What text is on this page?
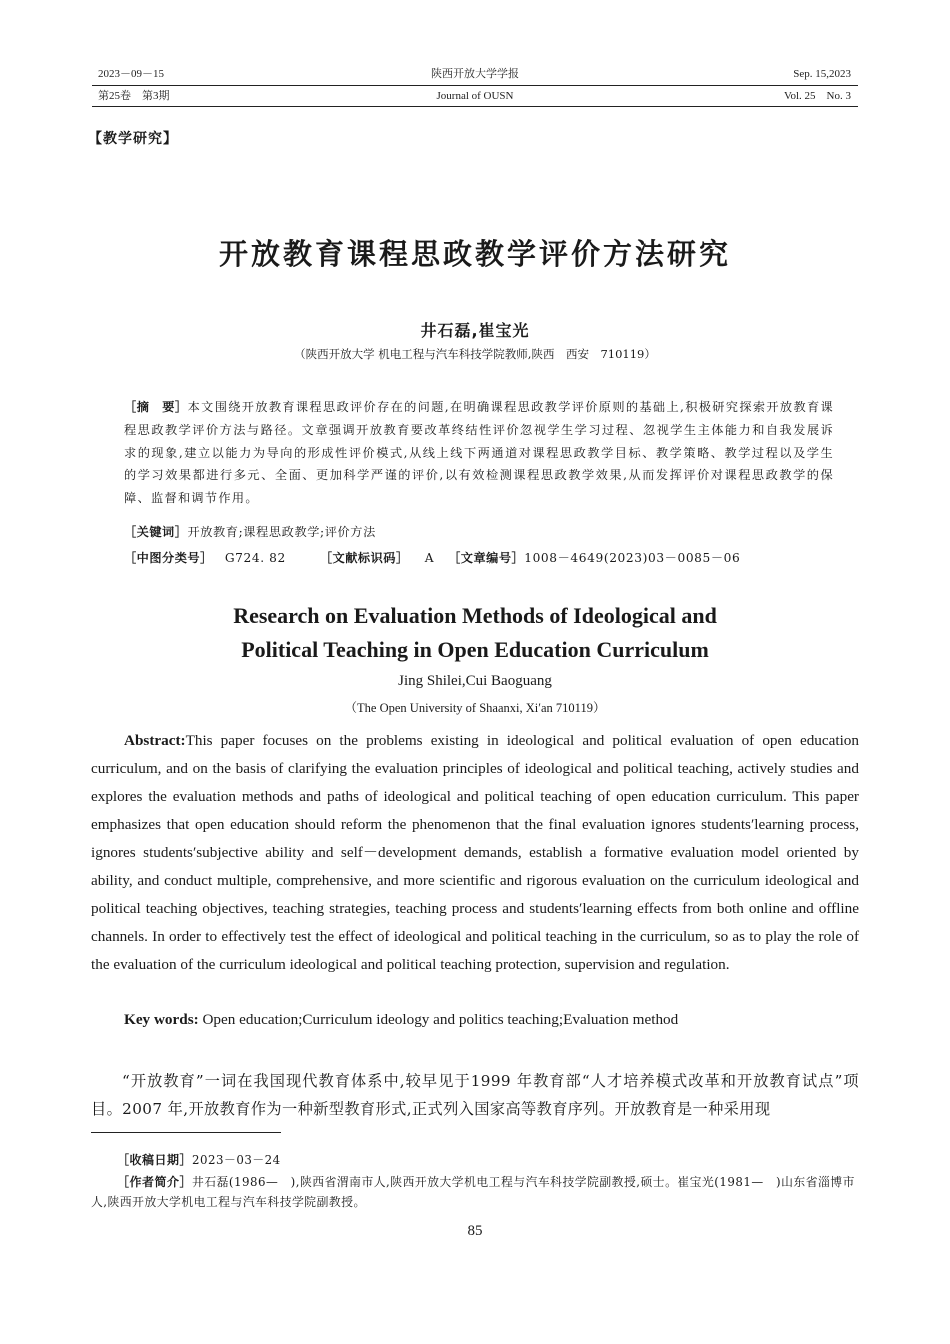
2023－09－15
第25卷　第3期
陕西开放大学学报
Journal of OUSN
Sep. 15,2023
Vol. 25　No. 3
【教学研究】
开放教育课程思政教学评价方法研究
井石磊,崔宝光
（陕西开放大学 机电工程与汽车科技学院教师,陕西　西安　710119）
［摘　要］本文围绕开放教育课程思政评价存在的问题,在明确课程思政教学评价原则的基础上,积极研究探索开放教育课程思政教学评价方法与路径。文章强调开放教育要改革终结性评价忽视学生学习过程、忽视学生主体能力和自我发展诉求的现象,建立以能力为导向的形成性评价模式,从线上线下两通道对课程思政教学目标、教学策略、教学过程以及学生的学习效果都进行多元、全面、更加科学严谨的评价,以有效检测课程思政教学效果,从而发挥评价对课程思政教学的保障、监督和调节作用。
［关键词］开放教育;课程思政教学;评价方法
［中图分类号］ G724. 82	［文献标识码］ A ［文章编号］1008－4649(2023)03－0085－06
Research on Evaluation Methods of Ideological and
Political Teaching in Open Education Curriculum
Jing Shilei,Cui Baoguang
（The Open University of Shaanxi, Xi′an 710119）
Abstract:This paper focuses on the problems existing in ideological and political evaluation of open education curriculum, and on the basis of clarifying the evaluation principles of ideological and political teaching, actively studies and explores the evaluation methods and paths of ideological and political teaching of open education curriculum. This paper emphasizes that open education should reform the phenomenon that the final evaluation ignores students′learning process, ignores students′subjective ability and self－development demands, establish a formative evaluation model oriented by ability, and conduct multiple, comprehensive, and more scientific and rigorous evaluation on the curriculum ideological and political teaching objectives, teaching strategies, teaching process and students′learning effects from both online and offline channels. In order to effectively test the effect of ideological and political teaching in the curriculum, so as to play the role of the evaluation of the curriculum ideological and political teaching protection, supervision and regulation.
Key words: Open education;Curriculum ideology and politics teaching;Evaluation method
“开放教育”一词在我国现代教育体系中,较早见于1999 年教育部“人才培养模式改革和开放教育试点”项目。2007 年,开放教育作为一种新型教育形式,正式列入国家高等教育序列。开放教育是一种采用现
［收稿日期］2023－03－24
［作者简介］井石磊(1986—　),陕西省渭南市人,陕西开放大学机电工程与汽车科技学院副教授,硕士。崔宝光(1981—　)山东省淄博市人,陕西开放大学机电工程与汽车科技学院副教授。
85
